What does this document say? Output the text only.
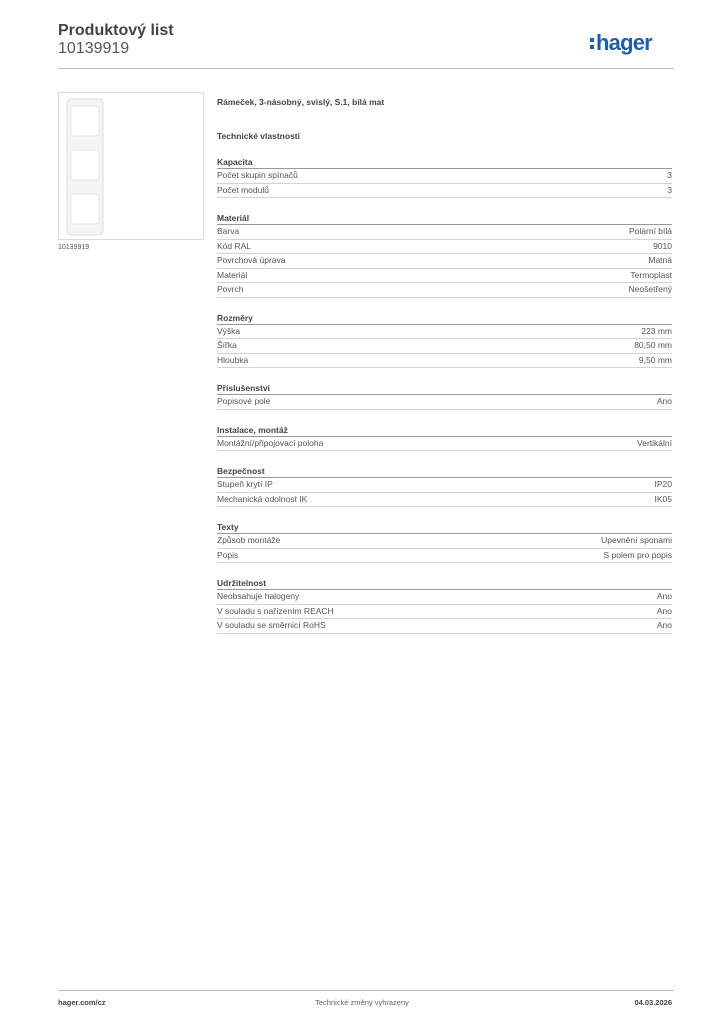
Produktový list
10139919	hager
10139919
Rámeček, 3-násobný, svislý, S.1, bílá mat
Technické vlastnosti
Kapacita
Počet skupin spínačů	3
Počet modulů	3
Materiál
Barva	Polární bílá
Kód RAL	9010
Povrchová úprava	Matná
Materiál	Termoplast
Povrch	Neošetřený
Rozměry
Výška	223 mm
Šířka	80,50 mm
Hloubka	9,50 mm
Příslušenství
Popisové pole	Ano
Instalace, montáž
Montážní/připojovací poloha	Vertikální
Bezpečnost
Stupeň krytí IP	IP20
Mechanická odolnost IK	IK05
Texty
Způsob montáže	Upevnění sponami
Popis	S polem pro popis
Udržitelnost
Neobsahuje halogeny	Ano
V souladu s nařízením REACH	Ano
V souladu se směrnicí RoHS	Ano
hager.com/cz	Technické změny vyhrazeny	04.03.2026
